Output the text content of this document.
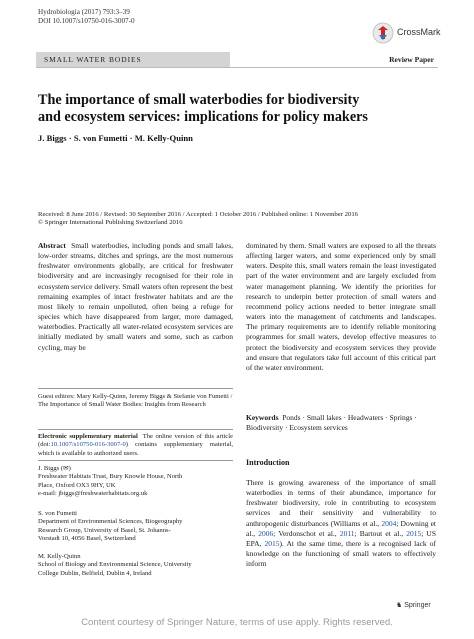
Hydrobiologia (2017) 793:3–39
DOI 10.1007/s10750-016-3007-0
CrossMark
SMALL WATER BODIES	Review Paper
The importance of small waterbodies for biodiversity
and ecosystem services: implications for policy makers
J. Biggs · S. von Fumetti · M. Kelly-Quinn
Received: 8 June 2016 / Revised: 30 September 2016 / Accepted: 1 October 2016 / Published online: 1 November 2016
© Springer International Publishing Switzerland 2016

Abstract Small waterbodies, including ponds and small lakes, low-order streams, ditches and springs, are the most numerous freshwater environments globally, are critical for freshwater biodiversity and are increasingly recognised for their role in ecosystem service delivery. Small waters often represent the best remaining examples of intact freshwater habitats and are the most likely to remain unpolluted, often being a refuge for species which have disappeared from larger, more damaged, waterbodies. Practically all water-related ecosystem services are initially mediated by small waters and some, such as carbon cycling, may be

Guest editors: Mary Kelly-Quinn, Jeremy Biggs & Stefanie von Fumetti / The Importance of Small Water Bodies: Insights from Research
Electronic supplementary material The online version of this article (doi:10.1007/s10750-016-3007-0) contains supplementary material, which is available to authorized users.
J. Biggs (✉)
Freshwater Habitats Trust, Bury Knowle House, North
Place, Oxford OX3 9HY, UK
e-mail: jbiggs@freshwaterhabitats.org.uk
S. von Fumetti
Department of Environmental Sciences, Biogeography
Research Group, University of Basel, St. Johanns-
Vorstadt 10, 4056 Basel, Switzerland
M. Kelly-Quinn
School of Biology and Environmental Science, University
College Dublin, Belfield, Dublin 4, Ireland

dominated by them. Small waters are exposed to all the threats affecting larger waters, and some experienced only by small waters. Despite this, small waters remain the least investigated part of the water environment and are largely excluded from water management planning. We identify the priorities for research to underpin better protection of small waters and recommend policy actions needed to better integrate small waters into the management of catchments and landscapes. The primary requirements are to identify reliable monitoring programmes for small waters, develop effective measures to protect the biodiversity and ecosystem services they provide and ensure that regulators take full account of this critical part of the water environment.

Keywords Ponds · Small lakes · Headwaters · Springs · Biodiversity · Ecosystem services
Introduction
There is growing awareness of the importance of small waterbodies in terms of their abundance, importance for freshwater biodiversity, role in contributing to ecosystem services and their sensitivity and vulnerability to anthropogenic disturbances (Williams et al., 2004; Downing et al., 2006; Verdonschot et al., 2011; Bartout et al., 2015; US EPA, 2015). At the same time, there is a recognised lack of knowledge on the functioning of small waters to effectively inform
♞ Springer
Content courtesy of Springer Nature, terms of use apply. Rights reserved.
